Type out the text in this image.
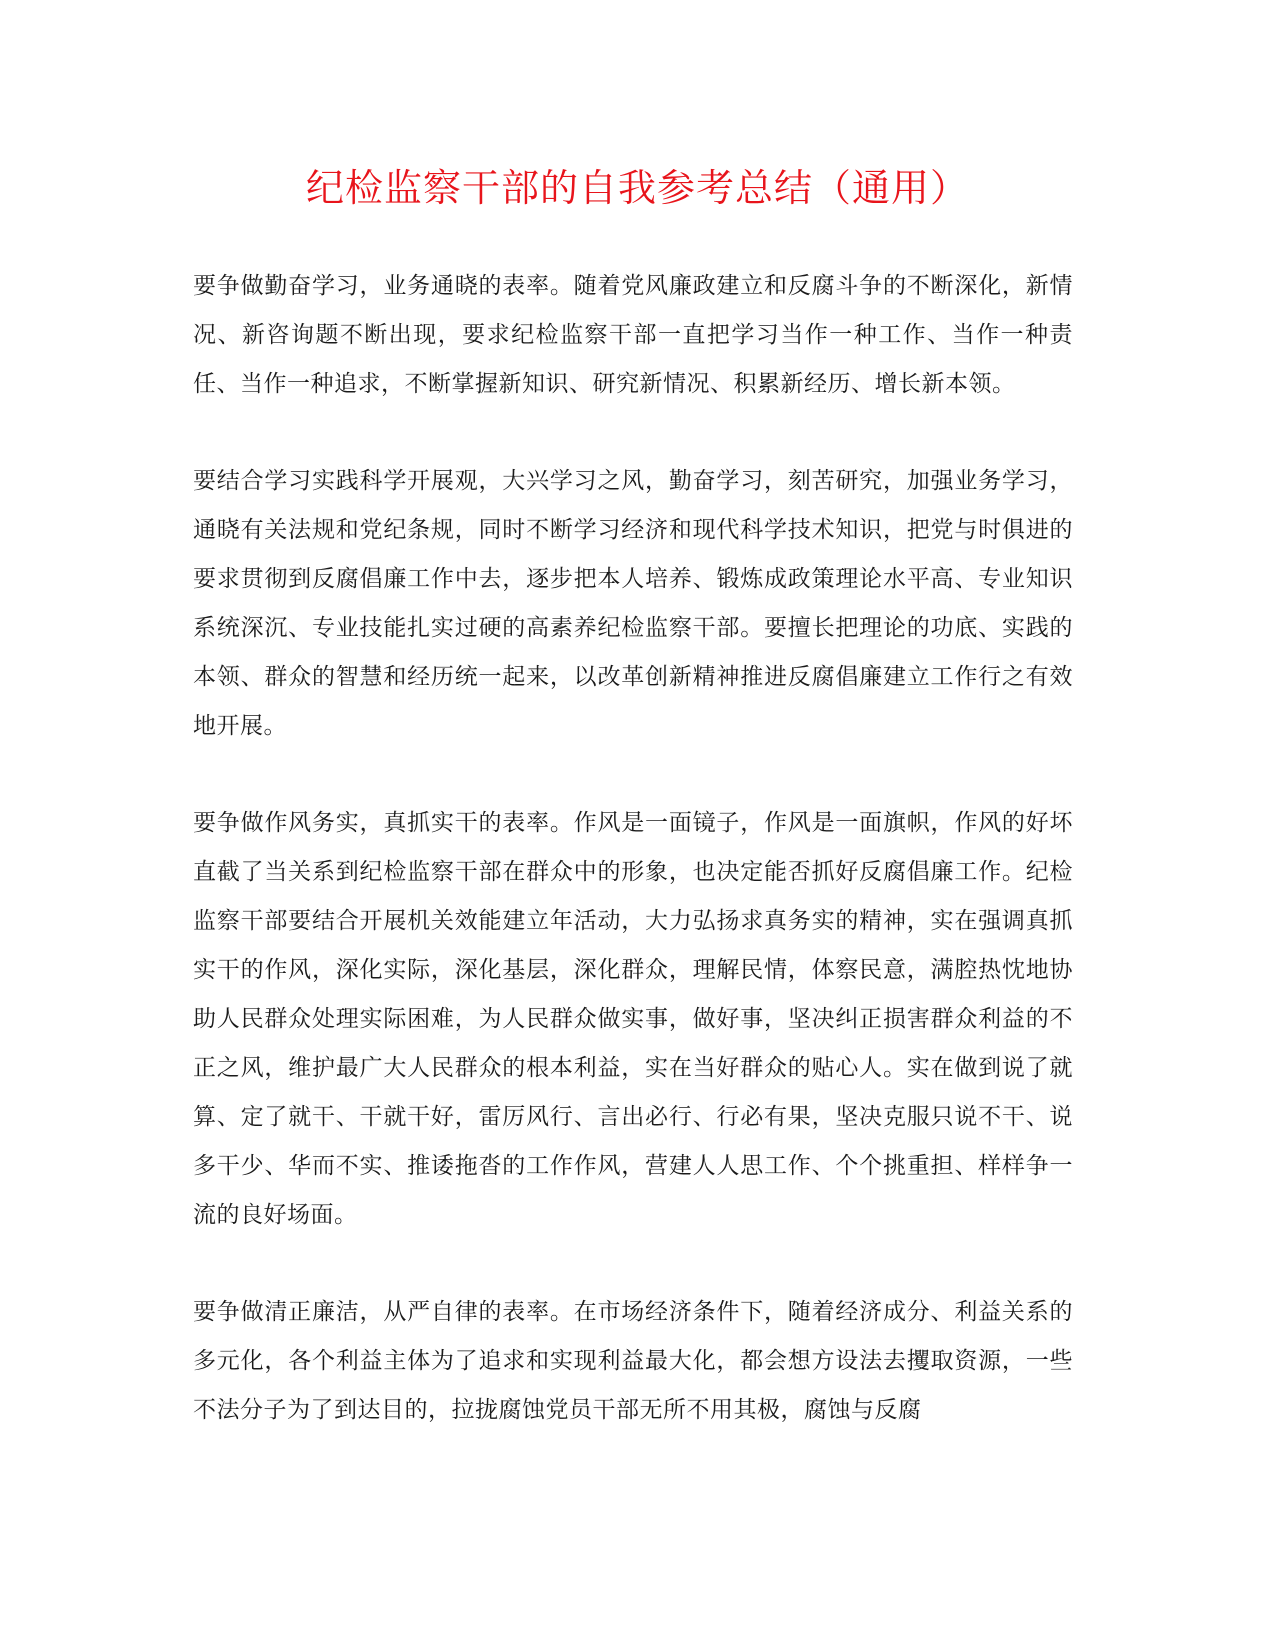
纪检监察干部的自我参考总结（通用）

要争做勤奋学习，业务通晓的表率。随着党风廉政建立和反腐斗争的不断深化，新情况、新咨询题不断出现，要求纪检监察干部一直把学习当作一种工作、当作一种责任、当作一种追求，不断掌握新知识、研究新情况、积累新经历、增长新本领。

要结合学习实践科学开展观，大兴学习之风，勤奋学习，刻苦研究，加强业务学习，通晓有关法规和党纪条规，同时不断学习经济和现代科学技术知识，把党与时俱进的要求贯彻到反腐倡廉工作中去，逐步把本人培养、锻炼成政策理论水平高、专业知识系统深沉、专业技能扎实过硬的高素养纪检监察干部。要擅长把理论的功底、实践的本领、群众的智慧和经历统一起来，以改革创新精神推进反腐倡廉建立工作行之有效地开展。

要争做作风务实，真抓实干的表率。作风是一面镜子，作风是一面旗帜，作风的好坏直截了当关系到纪检监察干部在群众中的形象，也决定能否抓好反腐倡廉工作。纪检监察干部要结合开展机关效能建立年活动，大力弘扬求真务实的精神，实在强调真抓实干的作风，深化实际，深化基层，深化群众，理解民情，体察民意，满腔热忱地协助人民群众处理实际困难，为人民群众做实事，做好事，坚决纠正损害群众利益的不正之风，维护最广大人民群众的根本利益，实在当好群众的贴心人。实在做到说了就算、定了就干、干就干好，雷厉风行、言出必行、行必有果，坚决克服只说不干、说多干少、华而不实、推诿拖沓的工作作风，营建人人思工作、个个挑重担、样样争一流的良好场面。

要争做清正廉洁，从严自律的表率。在市场经济条件下，随着经济成分、利益关系的多元化，各个利益主体为了追求和实现利益最大化，都会想方设法去攫取资源，一些不法分子为了到达目的，拉拢腐蚀党员干部无所不用其极，腐蚀与反腐
